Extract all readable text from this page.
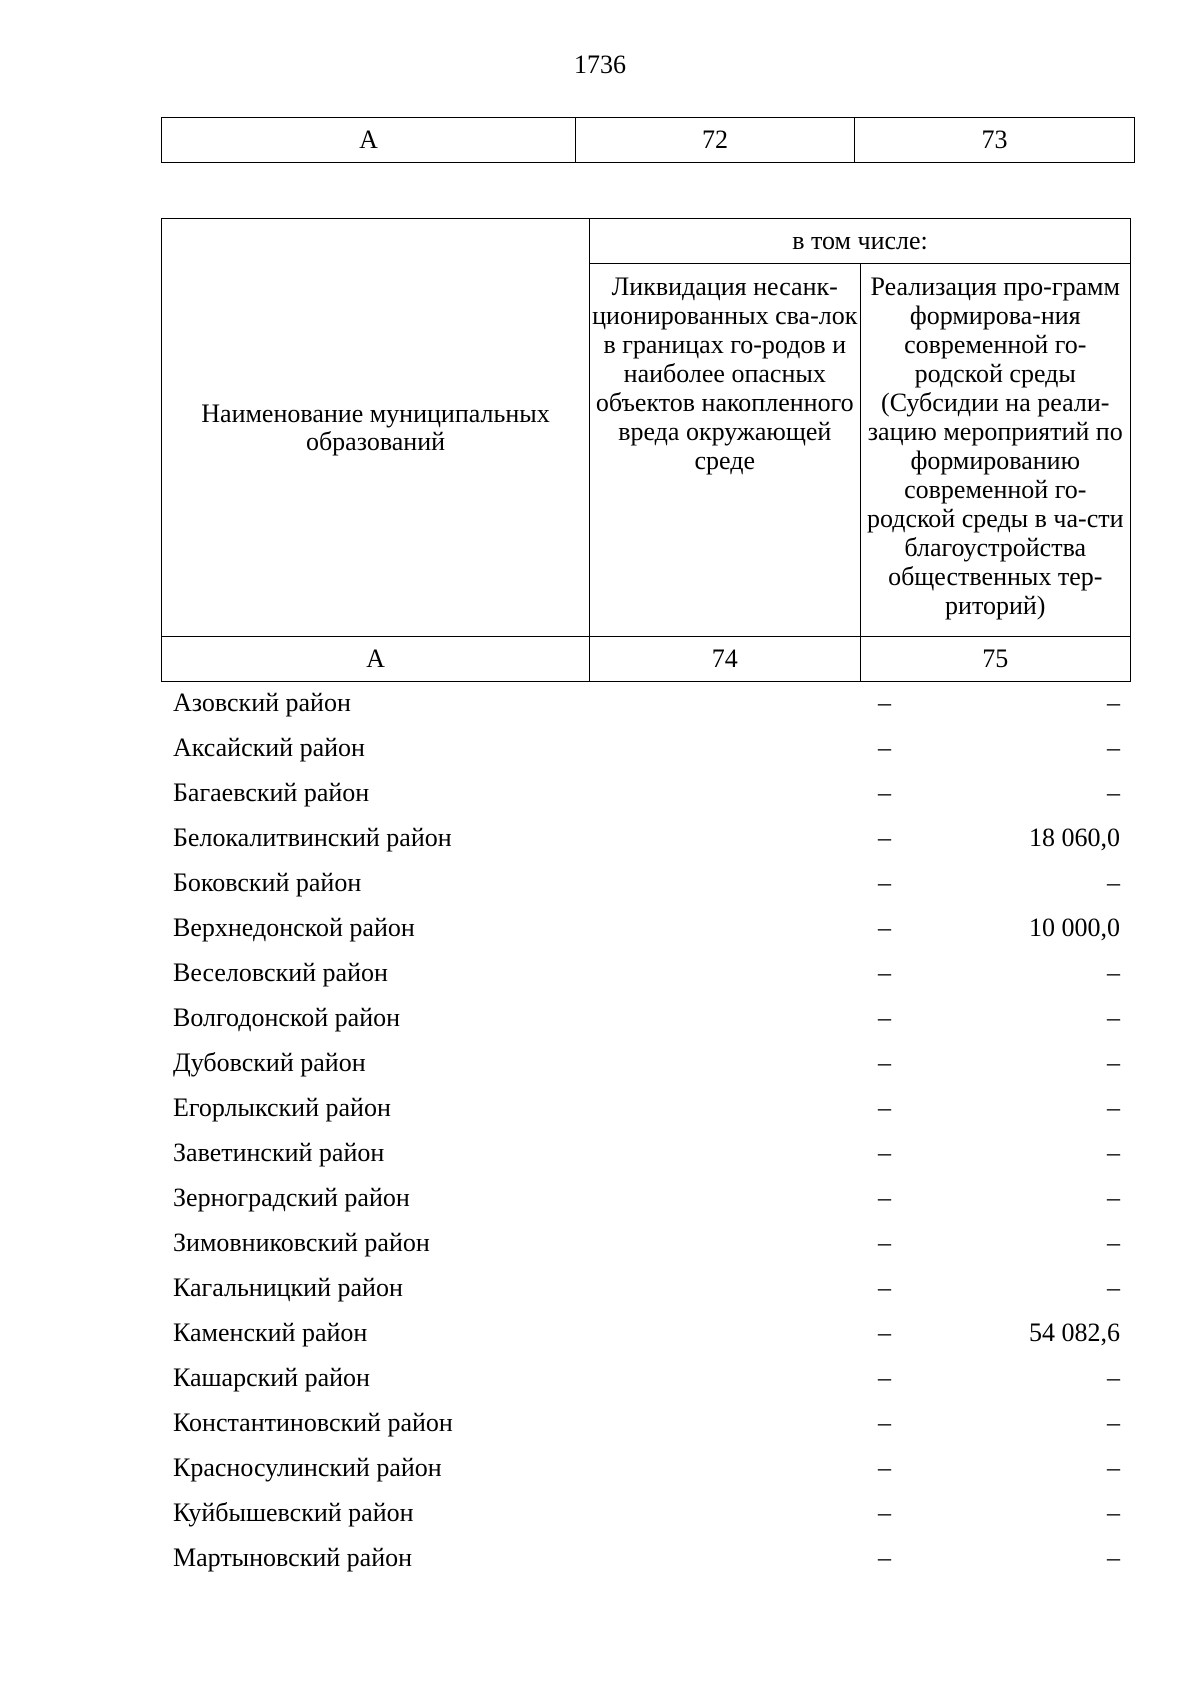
1736
А	72	73
Наименование муниципальных образований	в том числе:	
	Ликвидация несанк-ционированных сва-лок в границах го-родов и наиболее опасных объектов накопленного вреда окружающей среде	Реализация про-грамм формирова-ния современной го-родской среды (Субсидии на реали-зацию мероприятий по формированию современной го-родской среды в ча-сти благоустройства общественных тер-риторий)
А	74	75
Азовский район	–	–
Аксайский район	–	–
Багаевский район	–	–
Белокалитвинский район	–	18 060,0
Боковский район	–	–
Верхнедонской район	–	10 000,0
Веселовский район	–	–
Волгодонской район	–	–
Дубовский район	–	–
Егорлыкский район	–	–
Заветинский район	–	–
Зерноградский район	–	–
Зимовниковский район	–	–
Кагальницкий район	–	–
Каменский район	–	54 082,6
Кашарский район	–	–
Константиновский район	–	–
Красносулинский район	–	–
Куйбышевский район	–	–
Мартыновский район	–	–
